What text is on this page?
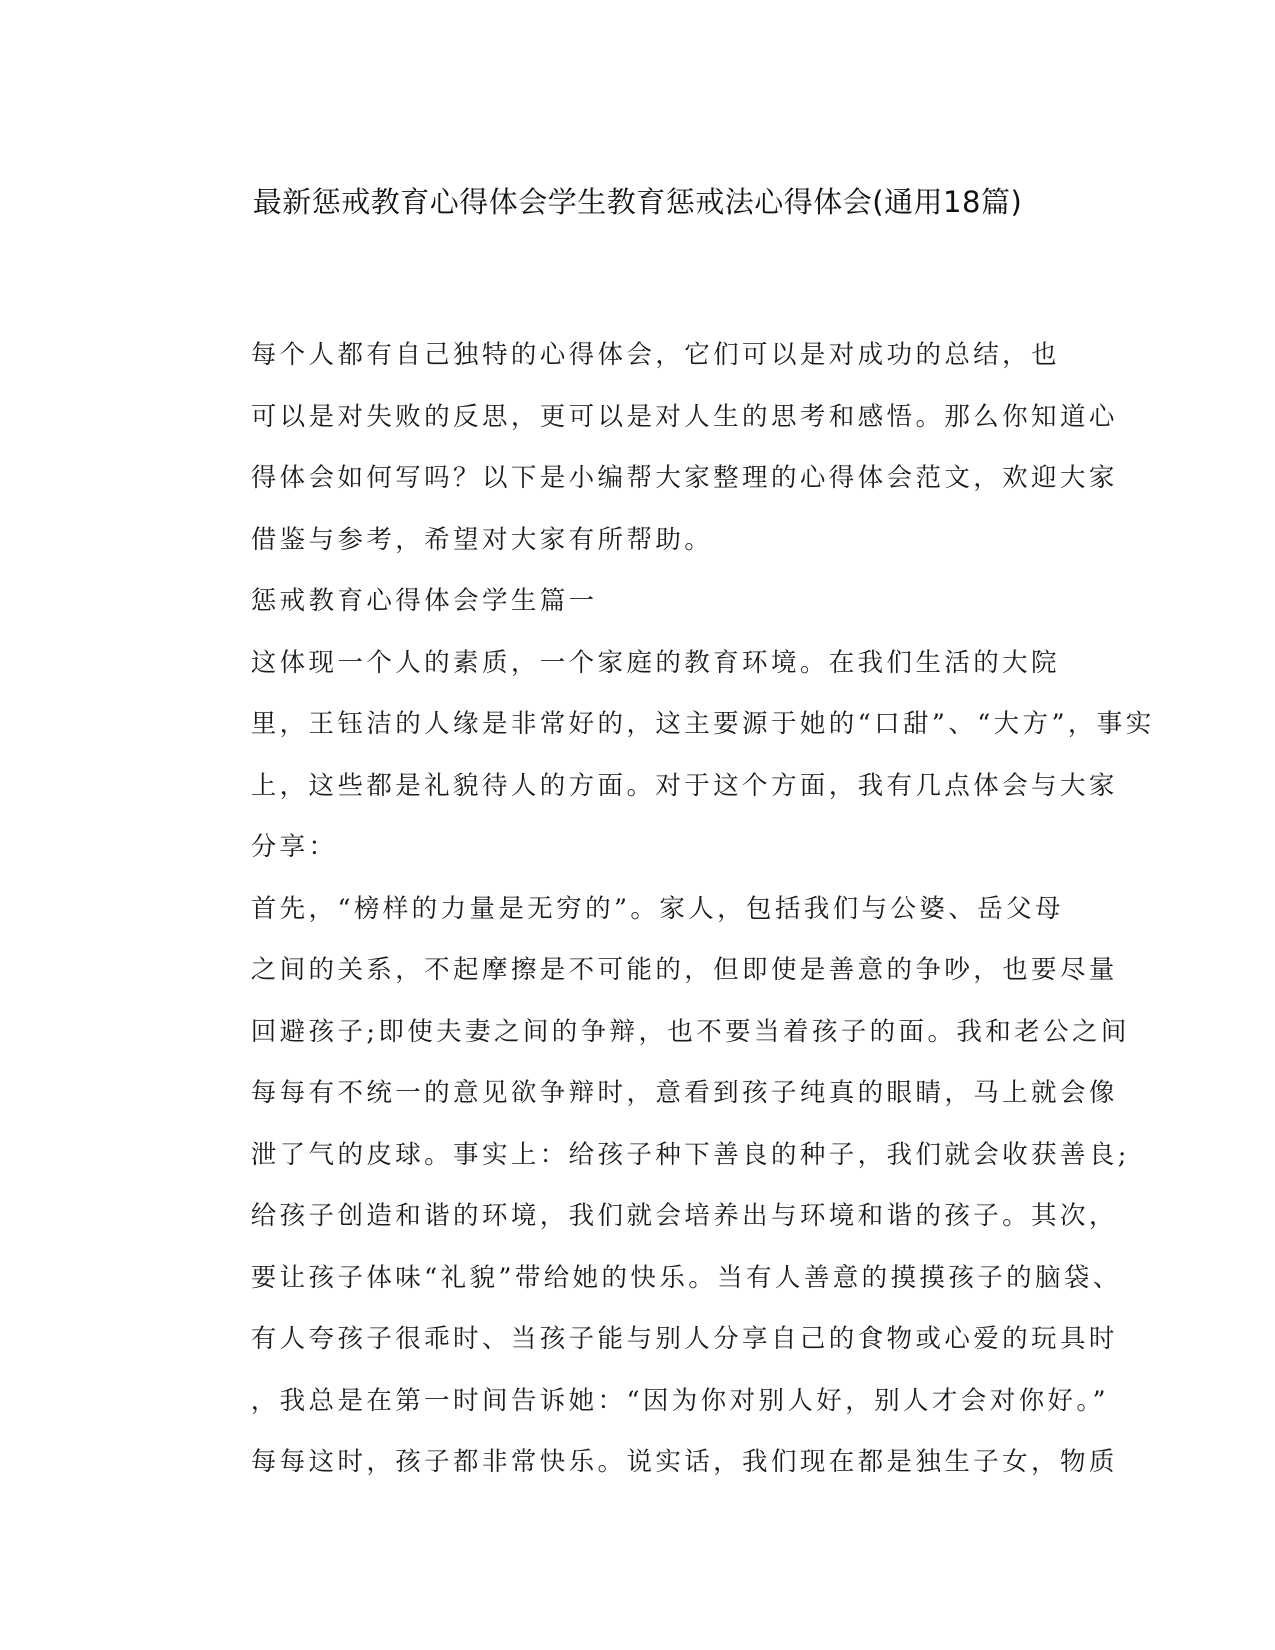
最新惩戒教育心得体会学生教育惩戒法心得体会(通用18篇)

每个人都有自己独特的心得体会，它们可以是对成功的总结，也
可以是对失败的反思，更可以是对人生的思考和感悟。那么你知道心
得体会如何写吗？以下是小编帮大家整理的心得体会范文，欢迎大家
借鉴与参考，希望对大家有所帮助。

惩戒教育心得体会学生篇一

这体现一个人的素质，一个家庭的教育环境。在我们生活的大院
里，王钰洁的人缘是非常好的，这主要源于她的“口甜”、“大方”，事实
上，这些都是礼貌待人的方面。对于这个方面，我有几点体会与大家
分享：

首先，“榜样的力量是无穷的”。家人，包括我们与公婆、岳父母
之间的关系，不起摩擦是不可能的，但即使是善意的争吵，也要尽量
回避孩子;即使夫妻之间的争辩，也不要当着孩子的面。我和老公之间
每每有不统一的意见欲争辩时，意看到孩子纯真的眼睛，马上就会像
泄了气的皮球。事实上：给孩子种下善良的种子，我们就会收获善良;
给孩子创造和谐的环境，我们就会培养出与环境和谐的孩子。其次，
要让孩子体味“礼貌”带给她的快乐。当有人善意的摸摸孩子的脑袋、
有人夸孩子很乖时、当孩子能与别人分享自己的食物或心爱的玩具时
，我总是在第一时间告诉她：“因为你对别人好，别人才会对你好。”
每每这时，孩子都非常快乐。说实话，我们现在都是独生子女，物质
